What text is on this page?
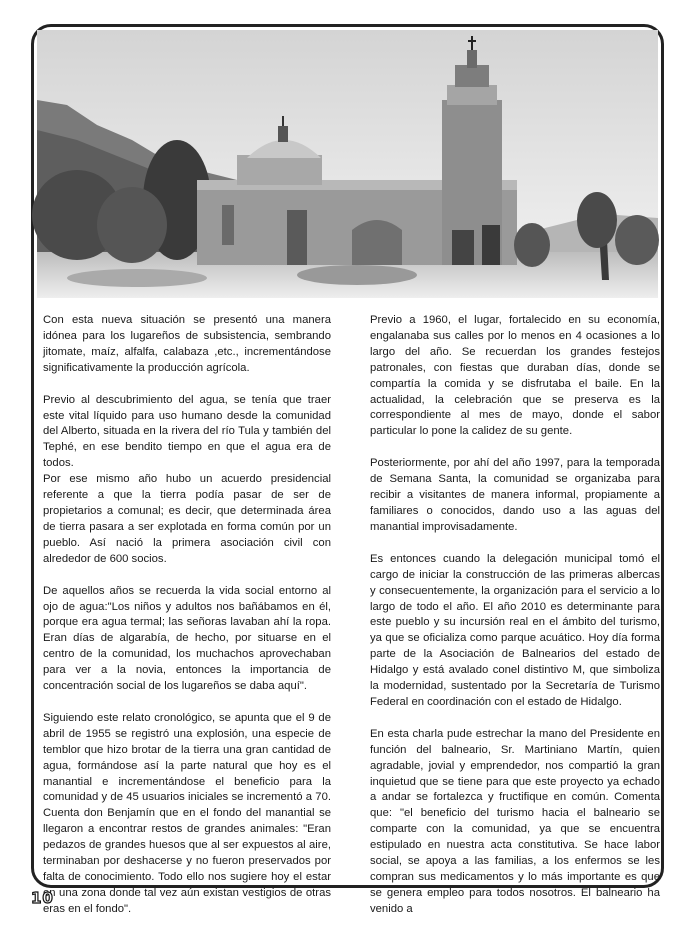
Con esta nueva situación se presentó una manera idónea para los lugareños de subsistencia, sembrando jitomate, maíz, alfalfa, calabaza ,etc., incrementándose significativamente la producción agrícola.

Previo al descubrimiento del agua, se tenía que traer este vital líquido para uso humano desde la comunidad del Alberto, situada en la rivera del río Tula y también del Tephé, en ese bendito tiempo en que el agua era de todos.

Por ese mismo año hubo un acuerdo presidencial referente a que la tierra podía pasar de ser de propietarios a comunal; es decir, que determinada área de tierra pasara a ser explotada en forma común por un pueblo. Así nació la primera asociación civil con alrededor de 600 socios.

De aquellos años se recuerda la vida social entorno al ojo de agua:"Los niños y adultos nos bañábamos en él, porque era agua termal; las señoras lavaban ahí la ropa. Eran días de algarabía, de hecho, por situarse en el centro de la comunidad, los muchachos aprovechaban para ver a la novia, entonces la importancia de concentración social de los lugareños se daba aquí".

Siguiendo este relato cronológico, se apunta que el 9 de abril de 1955 se registró una explosión, una especie de temblor que hizo brotar de la tierra una gran cantidad de agua, formándose así la parte natural que hoy es el manantial e incrementándose el beneficio para la comunidad y de 45 usuarios iniciales se incrementó a 70. Cuenta don Benjamín que en el fondo del manantial se llegaron a encontrar restos de grandes animales: "Eran pedazos de grandes huesos que al ser expuestos al aire, terminaban por deshacerse y no fueron preservados por falta de conocimiento. Todo ello nos sugiere hoy el estar en una zona donde tal vez aún existan vestigios de otras eras en el fondo".

Previo a 1960, el lugar, fortalecido en su economía, engalanaba sus calles por lo menos en 4 ocasiones a lo largo del año. Se recuerdan los grandes festejos patronales, con fiestas que duraban días, donde se compartía la comida y se disfrutaba el baile. En la actualidad, la celebración que se preserva es la correspondiente al mes de mayo, donde el sabor particular lo pone la calidez de su gente.

Posteriormente, por ahí del año 1997, para la temporada de Semana Santa, la comunidad se organizaba para recibir a visitantes de manera informal, propiamente a familiares o conocidos, dando uso a las aguas del manantial improvisadamente.

Es entonces cuando la delegación municipal tomó el cargo de iniciar la construcción de las primeras albercas y consecuentemente, la organización para el servicio a lo largo de todo el año. El año 2010 es determinante para este pueblo y su incursión real en el ámbito del turismo, ya que se oficializa como parque acuático. Hoy día forma parte de la Asociación de Balnearios del estado de Hidalgo y está avalado conel distintivo M, que simboliza la modernidad, sustentado por la Secretaría de Turismo Federal en coordinación con el estado de Hidalgo.

En esta charla pude estrechar la mano del Presidente en función del balneario, Sr. Martiniano Martín, quien agradable, jovial y emprendedor, nos compartió la gran inquietud que se tiene para que este proyecto ya echado a andar se fortalezca y fructifique en común. Comenta que: "el beneficio del turismo hacia el balneario se comparte con la comunidad, ya que se encuentra estipulado en nuestra acta constitutiva. Se hace labor social, se apoya a las familias, a los enfermos se les compran sus medicamentos y lo más importante es que se genera empleo para todos nosotros. El balneario ha venido a

10
